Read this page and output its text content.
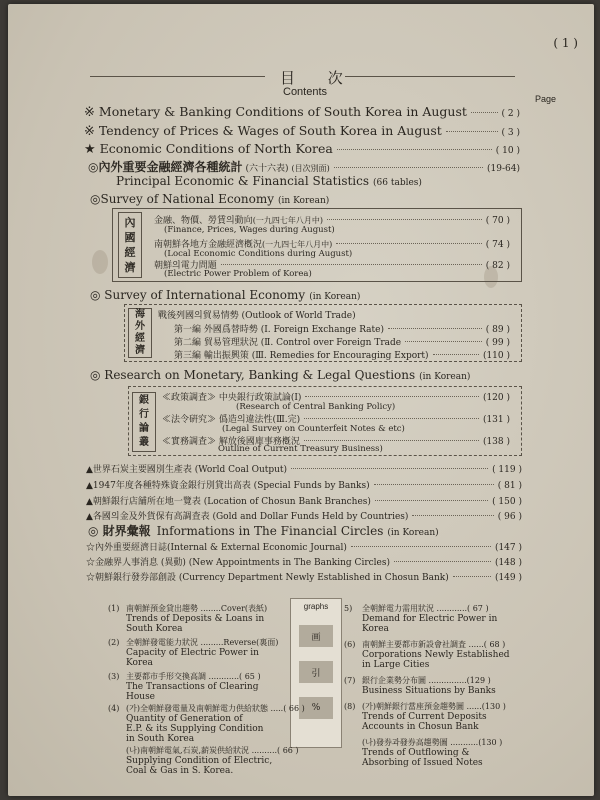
( 1 )
目 次
Contents
Page
※ Monetary & Banking Conditions of South Korea in August	( 2 )
※ Tendency of Prices & Wages of South Korea in August	( 3 )
★ Economic Conditions of North Korea	( 10 )
◎內外重要金融經濟各種統計 (六十六表) (目次別面)	(19-64)
Principal Economic & Financial Statistics (66 tables)
◎Survey of National Economy (in Korean)
內
國
經
濟
金融、物價、勞賃의動向 (一九四七年八月中)	( 70 )
(Finance, Prices, Wages during August)
南朝鮮各地方金融經濟槪況 (一九四七年八月中)	( 74 )
(Local Economic Conditions during August)
朝鮮의電力問題	( 82 )
(Electric Power Problem of Korea)
◎ Survey of International Economy (in Korean)
海
外
經
濟
戰後列國의貿易情勢 (Outlook of World Trade)
第一編 外國爲替時勢 (Ⅰ. Foreign Exchange Rate)	( 89 )
第二編 貿易管理狀況 (Ⅱ. Control over Foreign Trade	( 99 )
第三編 輸出振興策 (Ⅲ. Remedies for Encouraging Export)	(110 )
◎ Research on Monetary, Banking & Legal Questions (in Korean)
銀
行
論
叢
≪政策調査≫ 中央銀行政策試論(Ⅰ)	(120 )
(Research of Central Banking Policy)
≪法令硏究≫ 僞造의違法性(Ⅲ.完)	(131 )
(Legal Survey on Counterfeit Notes & etc)
≪實務調査≫ 解放後國庫事務槪況	(138 )
Outline of Current Treasury Business)
▲世界石炭主要國別生產表 (World Coal Output)	( 119 )
▲1947年度各種特殊資金銀行別貸出高表 (Special Funds by Banks)	( 81 )
▲朝鮮銀行店舗所在地一覽表 (Location of Chosun Bank Branches)	( 150 )
▲各國의金及外貨保有高調査表 (Gold and Dollar Funds Held by Countries)	( 96 )
◎ 財界彙報 Informations in The Financial Circles (in Korean)
☆內外重要經濟日誌(Internal & External Economic Journal)	(147 )
☆金融界人事消息 (異動) (New Appointments in The Banking Circles)	(148 )
☆朝鮮銀行發券部創設 (Currency Department Newly Established in Chosun Bank)	(149 )
graphs
画
引
%
(1) 南朝鮮預金貸出趨勢 ........Cover(表紙)
Trends of Deposits & Loans in
South Korea
(2) 全朝鮮發電能力狀況 .........Reverse(裏面)
Capacity of Electric Power in
Korea
(3) 主要都市手形交換高調 ............( 65 )
The Transactions of Clearing
House
(4) (가)全朝鮮發電量及南朝鮮電力供給狀態 .....( 66 )
Quantity of Generation of
E.P. & its Supplying Condition
in South Korea
(나)南朝鮮電氣,石炭,薪炭供給狀況 ..........( 66 )
Supplying Condition of Electric,
Coal & Gas in S. Korea.
5) 全朝鮮電力需用狀況 ............( 67 )
Demand for Electric Power in
Korea
(6) 南朝鮮主要都市新設會社調査 ......( 68 )
Corporations Newly Established
in Large Cities
(7) 銀行企業勢分布圖 ...............(129 )
Business Situations by Banks
(8) (가)朝鮮銀行當座預金趨勢圖 ......(130 )
Trends of Current Deposits
Accounts in Chosun Bank
(나)發券과發券高趨勢圖 ...........(130 )
Trends of Outflowing &
Absorbing of Issued Notes
